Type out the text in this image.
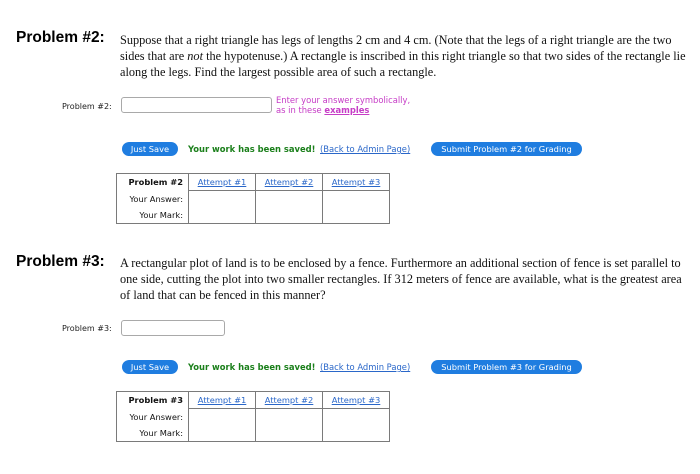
Problem #2: Suppose that a right triangle has legs of lengths 2 cm and 4 cm. (Note that the legs of a right triangle are the two sides that are not the hypotenuse.) A rectangle is inscribed in this right triangle so that two sides of the rectangle lie along the legs. Find the largest possible area of such a rectangle.
Problem #2:
Enter your answer symbolically,
as in these examples
Just Save	Your work has been saved! (Back to Admin Page)	Submit Problem #2 for Grading
Problem #2	Attempt #1	Attempt #2	Attempt #3
Your Answer:			
Your Mark:			
Problem #3: A rectangular plot of land is to be enclosed by a fence. Furthermore an additional section of fence is set parallel to one side, cutting the plot into two smaller rectangles. If 312 meters of fence are available, what is the greatest area of land that can be fenced in this manner?
Problem #3:
Just Save	Your work has been saved! (Back to Admin Page)	Submit Problem #3 for Grading
Problem #3	Attempt #1	Attempt #2	Attempt #3
Your Answer:			
Your Mark:			
